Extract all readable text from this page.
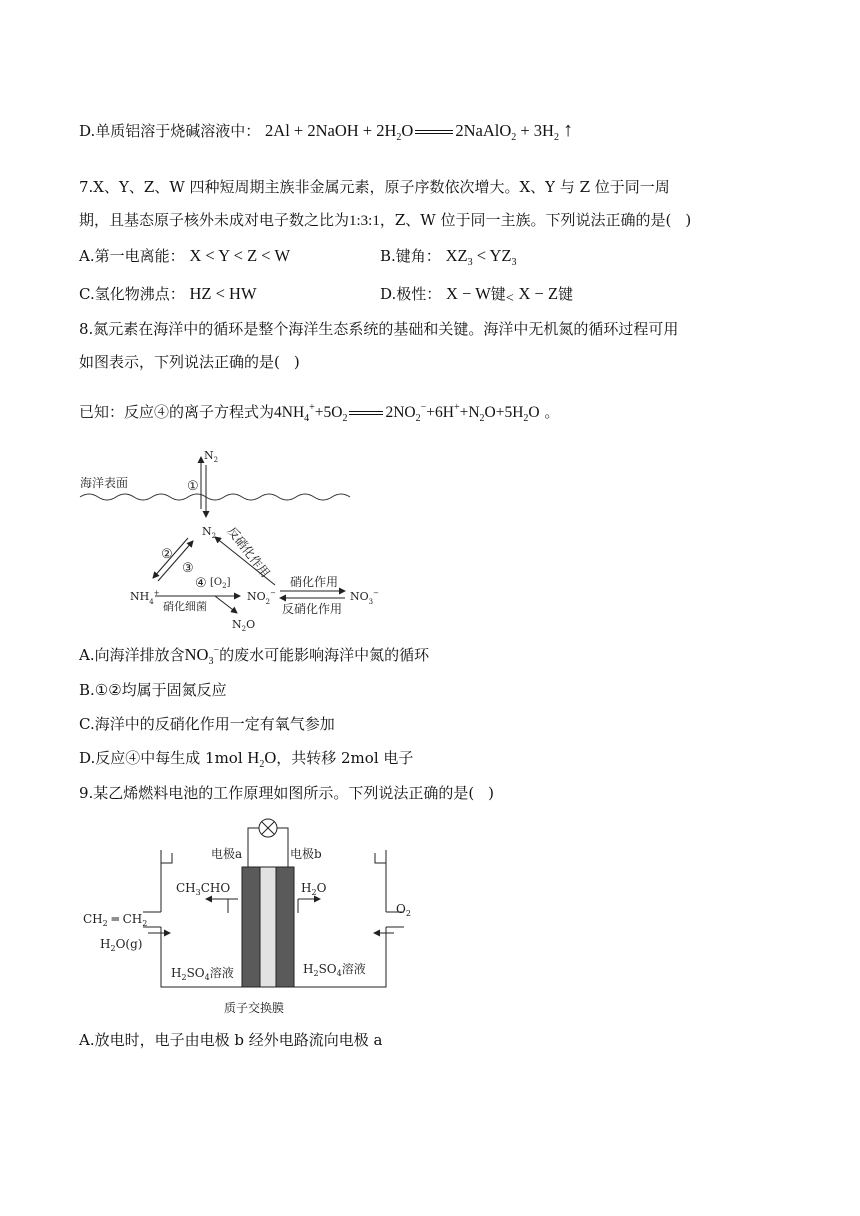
D.单质铝溶于烧碱溶液中： 2Al + 2NaOH + $2H_2O$	2NaAlO$_2$ + $3H_2$ ↑
7.X、Y、Z、W 四种短周期主族非金属元素，原子序数依次增大。X、Y 与 Z 位于同一周
期，且基态原子核外未成对电子数之比为1:3:1，Z、W 位于同一主族。下列说法正确的是( )
A.第一电离能： X < Y < Z < W	B.键角： $XZ_3 < YZ_3$
C.氢化物沸点： HZ < HW	D.极性： X − W键< X − Z键
8.氮元素在海洋中的循环是整个海洋生态系统的基础和关键。海洋中无机氮的循环过程可用
如图表示，下列说法正确的是( )
已知：反应④的离子方程式为$4NH_4^++5O_2$ $2NO_2^-+6H^++N_2O+5H_2O$ 。
海洋表面
$N_2$
①
$N_2$
②
③	反硝化作用
$NH_4^+$
④ $[O_2]$
硝化细菌
$N_2O$
$NO_2^-$
硝化作用
反硝化作用
$NO_3^-$
A.向海洋排放含$NO_3^-$的废水可能影响海洋中氮的循环
B.①②均属于固氮反应
C.海洋中的反硝化作用一定有氧气参加
D.反应④中每生成 1mol $H_2O$，共转移 2mol 电子
9.某乙烯燃料电池的工作原理如图所示。下列说法正确的是( )
电极a	电极b
$CH_3CHO$	$H_2O$
$CH_2$ ═ $CH_2$
$H_2O(g)$
$O_2$
$H_2SO_4$溶液	$H_2SO_4$溶液
质子交换膜
A.放电时，电子由电极 b 经外电路流向电极 a
